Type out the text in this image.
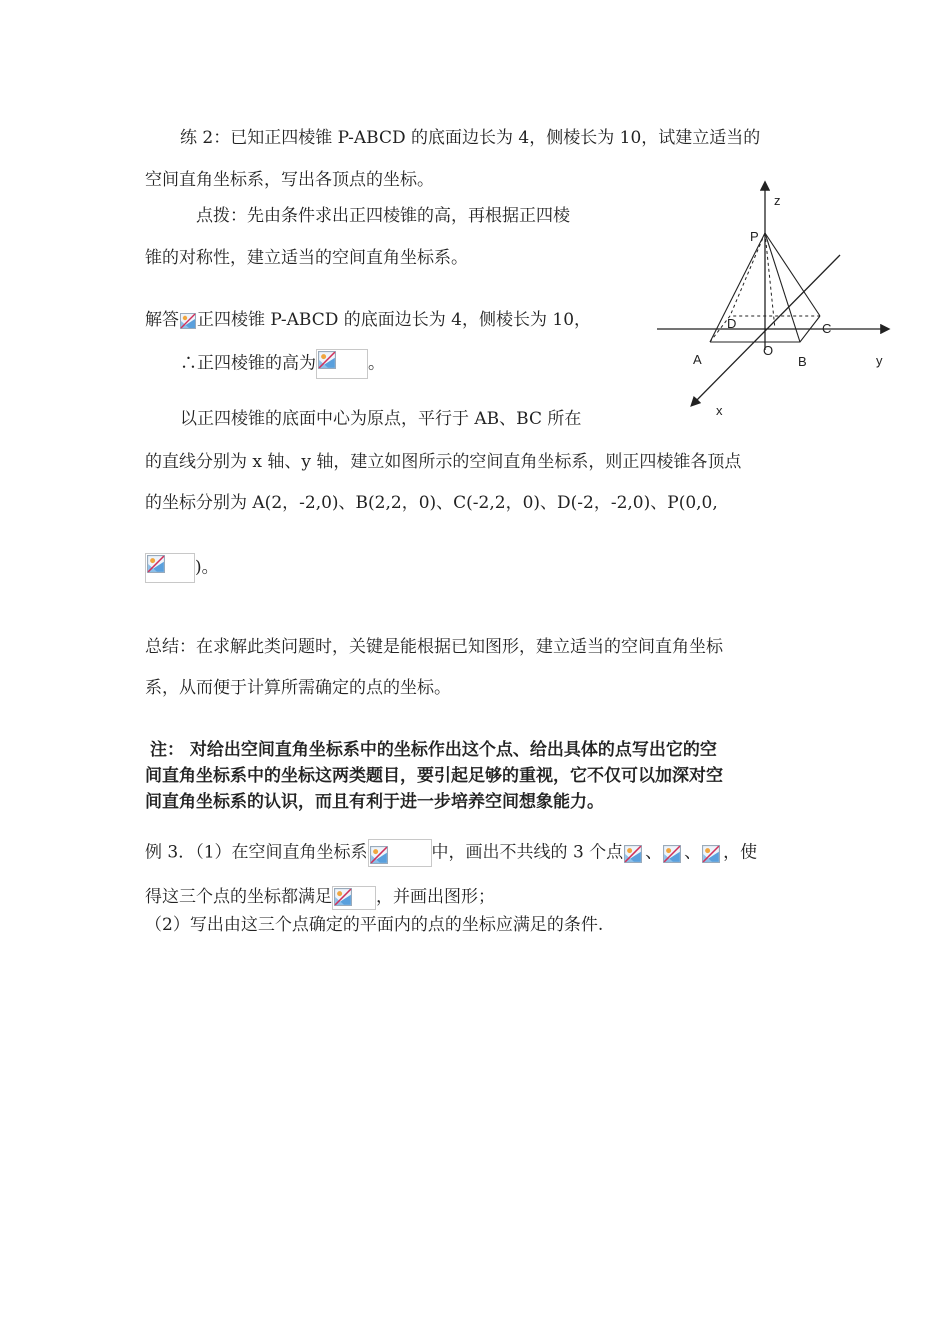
练 2：已知正四棱锥 P-ABCD 的底面边长为 4，侧棱长为 10，试建立适当的
空间直角坐标系，写出各顶点的坐标。
点拨：先由条件求出正四棱锥的高，再根据正四棱
锥的对称性，建立适当的空间直角坐标系。
解答 正四棱锥 P-ABCD 的底面边长为 4，侧棱长为 10，
∴正四棱锥的高为	。
以正四棱锥的底面中心为原点，平行于 AB、BC 所在
的直线分别为 x 轴、y 轴，建立如图所示的空间直角坐标系，则正四棱锥各顶点
的坐标分别为 A(2，-2,0)、B(2,2，0)、C(-2,2，0)、D(-2，-2,0)、P(0,0,
)。
总结：在求解此类问题时，关键是能根据已知图形，建立适当的空间直角坐标
系，从而便于计算所需确定的点的坐标。
注： 对给出空间直角坐标系中的坐标作出这个点、给出具体的点写出它的空
间直角坐标系中的坐标这两类题目，要引起足够的重视，它不仅可以加深对空
间直角坐标系的认识，而且有利于进一步培养空间想象能力。
例 3．（1）在空间直角坐标系	中，画出不共线的 3 个点 、 、 ，使
得这三个点的坐标都满足	，并画出图形；
（2）写出由这三个点确定的平面内的点的坐标应满足的条件.
z
P
D	C
A
O
B	y
x
